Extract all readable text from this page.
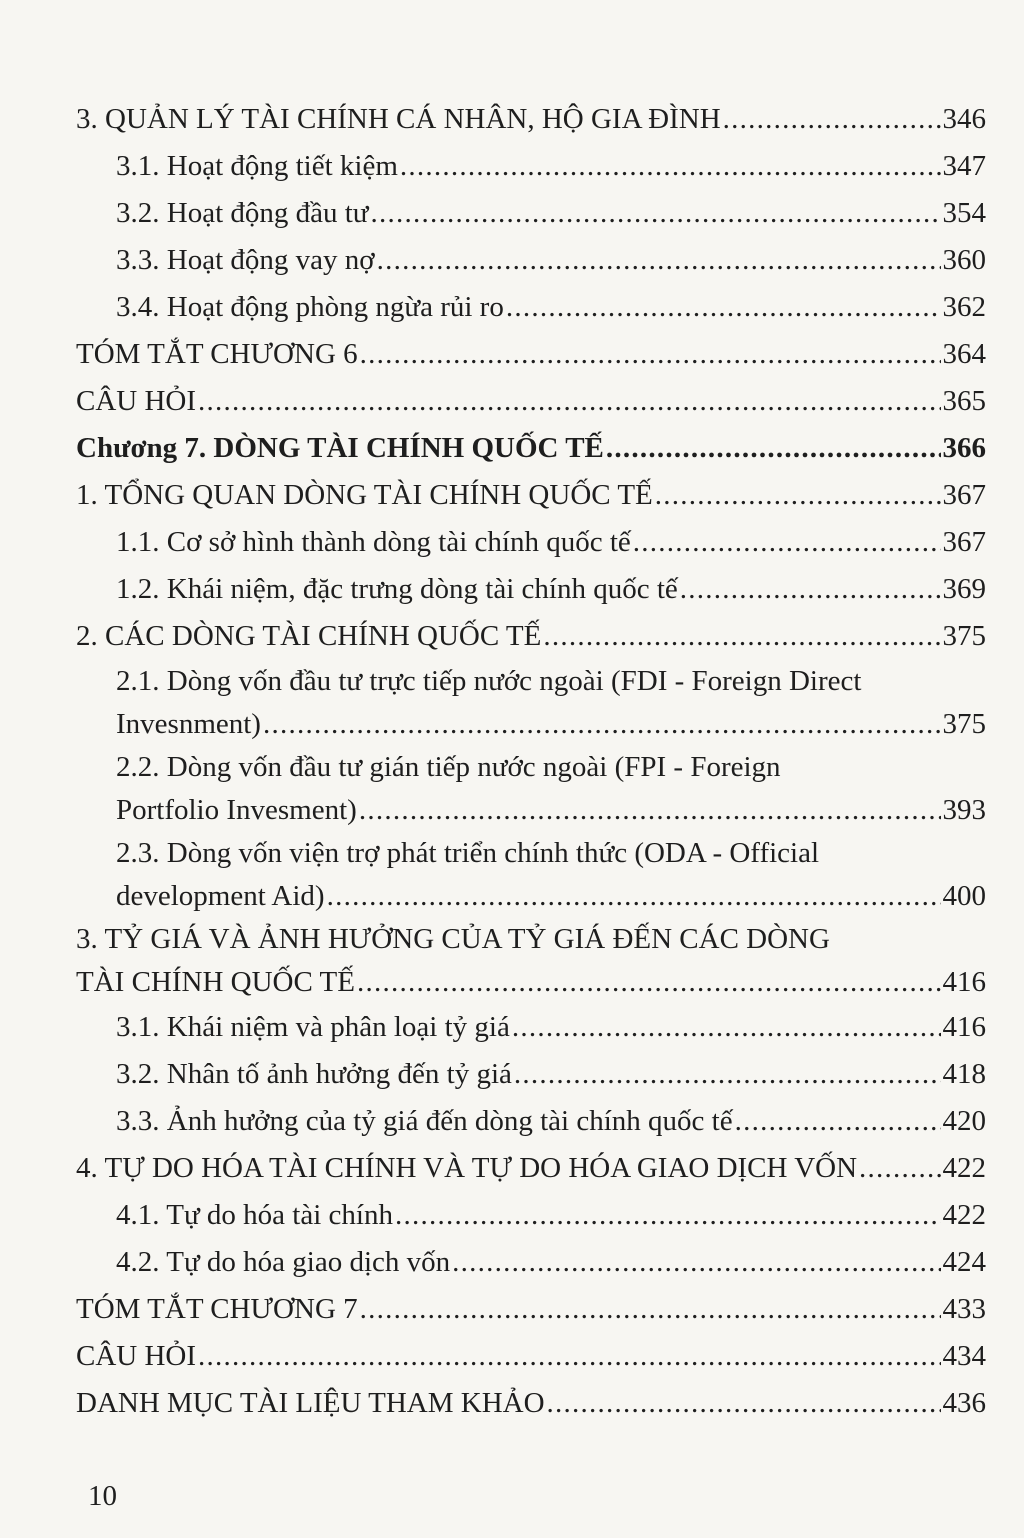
3. QUẢN LÝ TÀI CHÍNH CÁ NHÂN, HỘ GIA ĐÌNH . . .	346
3.1. Hoạt động tiết kiệm . . .	347
3.2. Hoạt động đầu tư . . .	354
3.3. Hoạt động vay nợ . . .	360
3.4. Hoạt động phòng ngừa rủi ro . . .	362
TÓM TẮT CHƯƠNG 6 . . .	364
CÂU HỎI . . .	365
Chương 7. DÒNG TÀI CHÍNH QUỐC TẾ . . .	366
1. TỔNG QUAN DÒNG TÀI CHÍNH QUỐC TẾ . . .	367
1.1. Cơ sở hình thành dòng tài chính quốc tế . . .	367
1.2. Khái niệm, đặc trưng dòng tài chính quốc tế . . .	369
2. CÁC DÒNG TÀI CHÍNH QUỐC TẾ . . .	375
2.1. Dòng vốn đầu tư trực tiếp nước ngoài (FDI - Foreign Direct
Invesnment) . . .	375
2.2. Dòng vốn đầu tư gián tiếp nước ngoài (FPI - Foreign
Portfolio Invesment) . . .	393
2.3. Dòng vốn viện trợ phát triển chính thức (ODA - Official
development Aid) . . .	400
3. TỶ GIÁ VÀ ẢNH HƯỞNG CỦA TỶ GIÁ ĐẾN CÁC DÒNG
TÀI CHÍNH QUỐC TẾ . . .	416
3.1. Khái niệm và phân loại tỷ giá . . .	416
3.2. Nhân tố ảnh hưởng đến tỷ giá . . .	418
3.3. Ảnh hưởng của tỷ giá đến dòng tài chính quốc tế . . .	420
4. TỰ DO HÓA TÀI CHÍNH VÀ TỰ DO HÓA GIAO DỊCH VỐN . . .	422
4.1. Tự do hóa tài chính . . .	422
4.2. Tự do hóa giao dịch vốn . . .	424
TÓM TẮT CHƯƠNG 7 . . .	433
CÂU HỎI . . .	434
DANH MỤC TÀI LIỆU THAM KHẢO . . .	436
10
